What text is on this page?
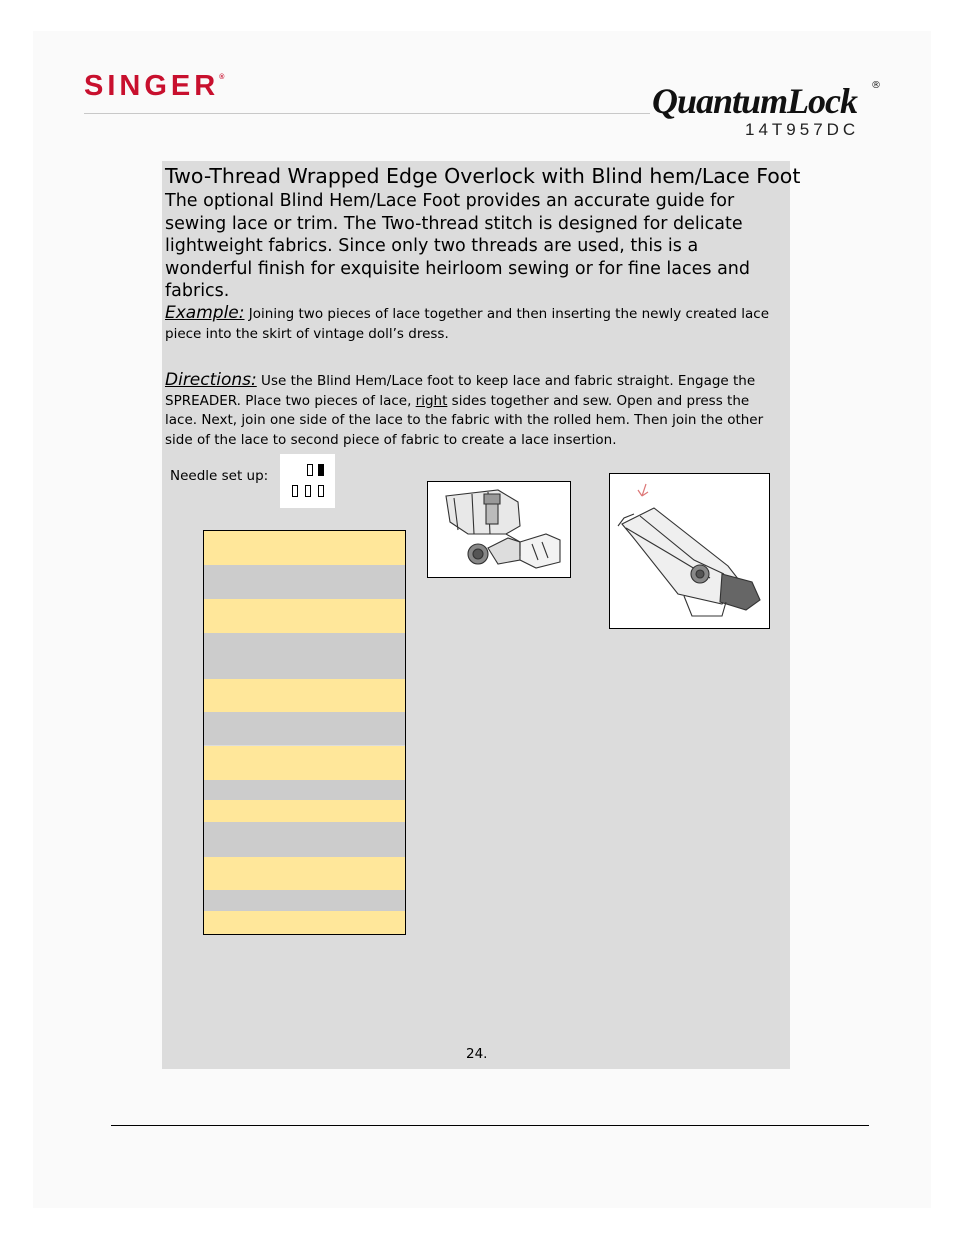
SINGER®
QuantumLock ®
14T957DC
Two-Thread Wrapped Edge Overlock with Blind hem/Lace Foot
The optional Blind Hem/Lace Foot provides an accurate guide for sewing lace or trim. The Two-thread stitch is designed for delicate lightweight fabrics. Since only two threads are used, this is a wonderful finish for exquisite heirloom sewing or for fine laces and fabrics.
Example: Joining two pieces of lace together and then inserting the newly created lace piece into the skirt of vintage doll’s dress.
Directions: Use the Blind Hem/Lace foot to keep lace and fabric straight. Engage the SPREADER. Place two pieces of lace, right sides together and sew. Open and press the lace. Next, join one side of the lace to the fabric with the rolled hem. Then join the other side of the lace to second piece of fabric to create a lace insertion.
Needle set up:
24.
